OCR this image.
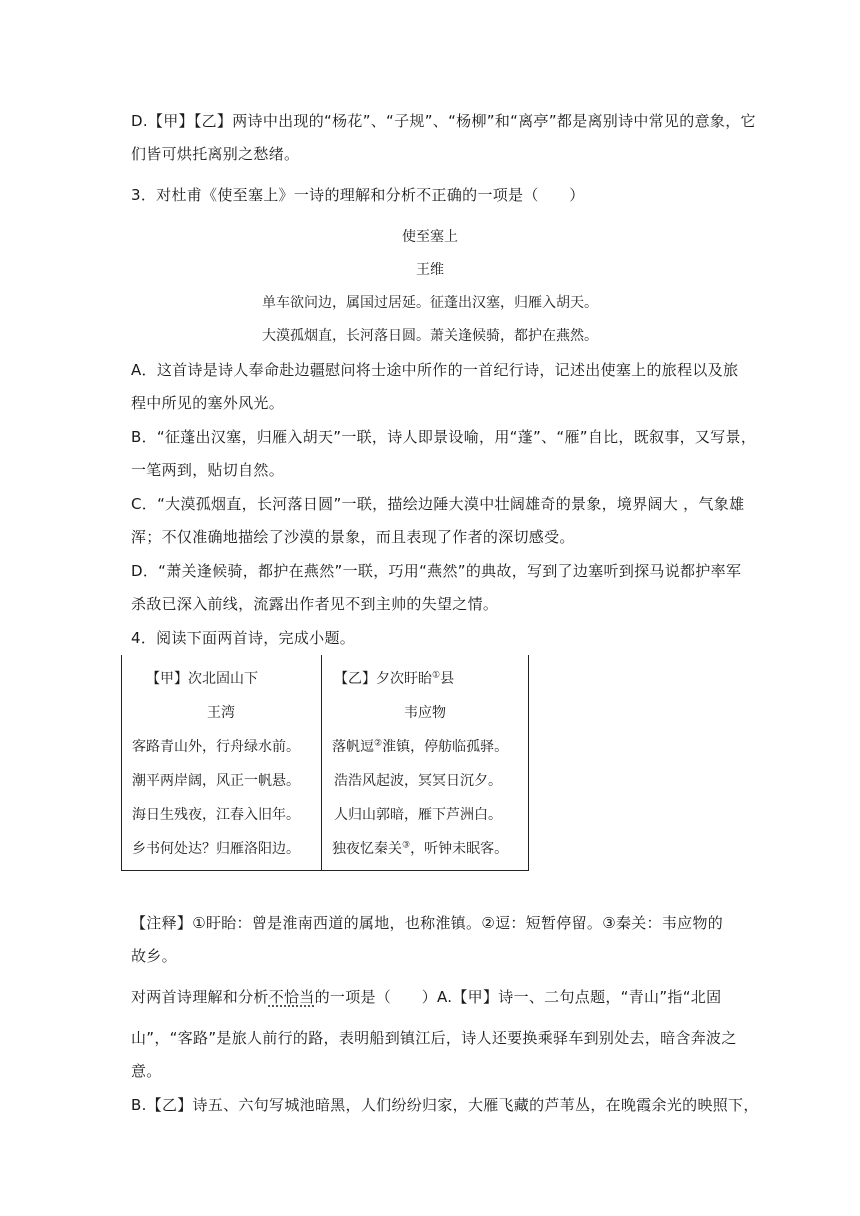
D.【甲】【乙】两诗中出现的“杨花”、“子规”、“杨柳”和“离亭”都是离别诗中常见的意象，它
们皆可烘托离别之愁绪。
3．对杜甫《使至塞上》一诗的理解和分析不正确的一项是（　　）
使至塞上
王维
单车欲问边，属国过居延。征蓬出汉塞，归雁入胡天。
大漠孤烟直，长河落日圆。萧关逢候骑，都护在燕然。
A．这首诗是诗人奉命赴边疆慰问将士途中所作的一首纪行诗，记述出使塞上的旅程以及旅
程中所见的塞外风光。
B．“征蓬出汉塞，归雁入胡天”一联，诗人即景设喻，用“蓬”、“雁”自比，既叙事，又写景，
一笔两到，贴切自然。
C．“大漠孤烟直，长河落日圆”一联，描绘边陲大漠中壮阔雄奇的景象，境界阔大 ，气象雄
浑；不仅准确地描绘了沙漠的景象，而且表现了作者的深切感受。
D．“萧关逢候骑，都护在燕然”一联，巧用“燕然”的典故，写到了边塞听到探马说都护率军
杀敌已深入前线，流露出作者见不到主帅的失望之情。
4．阅读下面两首诗，完成小题。
【甲】次北固山下
王湾
客路青山外，行舟绿水前。
潮平两岸阔，风正一帆悬。
海日生残夜，江春入旧年。
乡书何处达？归雁洛阳边。
【乙】夕次盱眙①县
韦应物
落帆逗②淮镇，停舫临孤驿。
浩浩风起波，冥冥日沉夕。
人归山郭暗，雁下芦洲白。
独夜忆秦关③，听钟未眠客。
【注释】①盱眙：曾是淮南西道的属地，也称淮镇。②逗：短暂停留。③秦关：韦应物的
故乡。
对两首诗理解和分析不恰当的一项是（　　）A.【甲】诗一、二句点题，“青山”指“北固
山”，“客路”是旅人前行的路，表明船到镇江后，诗人还要换乘驿车到别处去，暗含奔波之
意。
B.【乙】诗五、六句写城池暗黑，人们纷纷归家，大雁飞藏的芦苇丛，在晚霞余光的映照下，
